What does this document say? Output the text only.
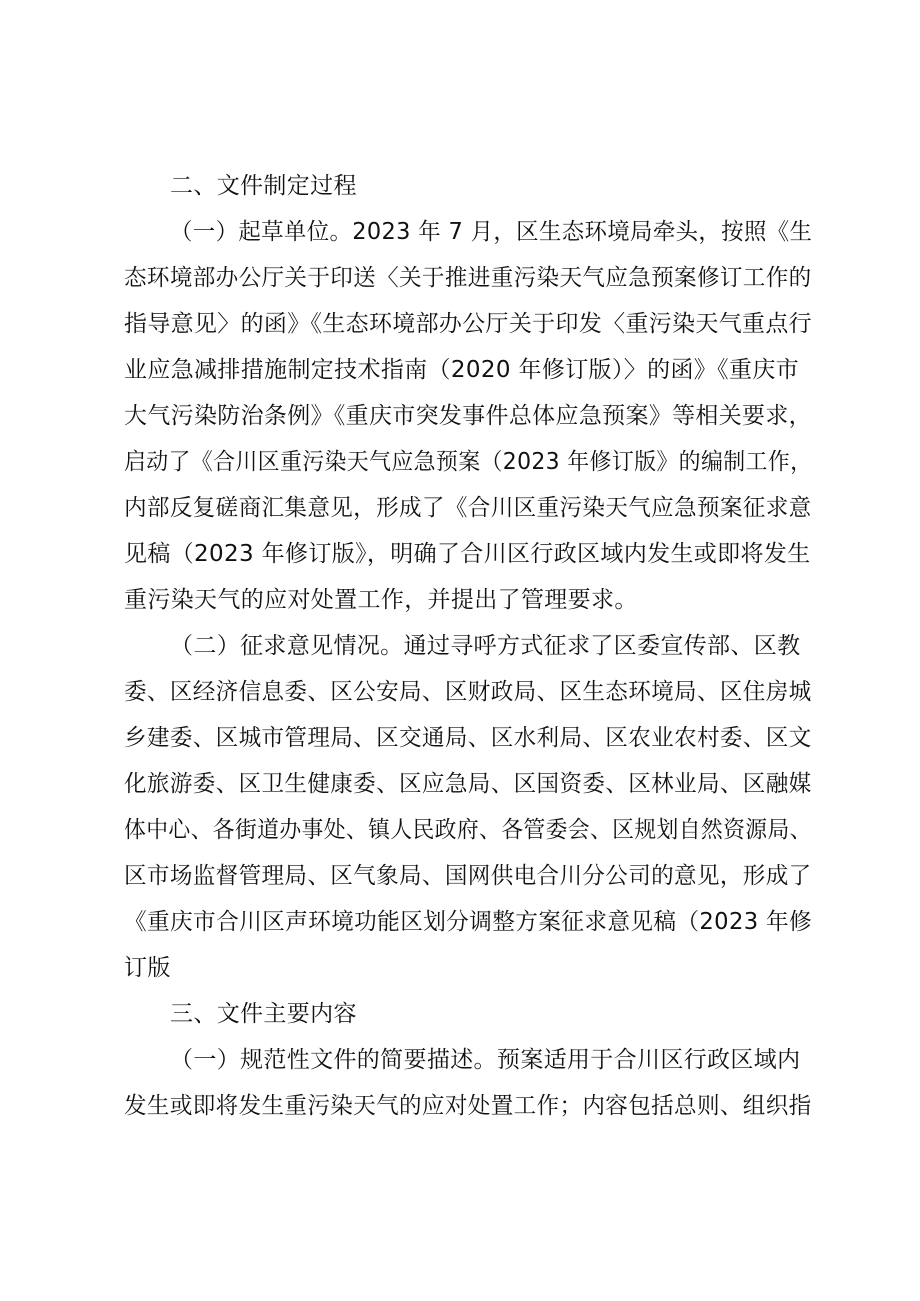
二、文件制定过程
（一）起草单位。2023 年 7 月，区生态环境局牵头，按照《生
态环境部办公厅关于印送〈关于推进重污染天气应急预案修订工作的
指导意见〉的函》《生态环境部办公厅关于印发〈重污染天气重点行
业应急减排措施制定技术指南（2020 年修订版）〉的函》《重庆市
大气污染防治条例》《重庆市突发事件总体应急预案》等相关要求，
启动了《合川区重污染天气应急预案（2023 年修订版》的编制工作，
内部反复磋商汇集意见，形成了《合川区重污染天气应急预案征求意
见稿（2023 年修订版》，明确了合川区行政区域内发生或即将发生
重污染天气的应对处置工作，并提出了管理要求。
（二）征求意见情况。通过寻呼方式征求了区委宣传部、区教
委、区经济信息委、区公安局、区财政局、区生态环境局、区住房城
乡建委、区城市管理局、区交通局、区水利局、区农业农村委、区文
化旅游委、区卫生健康委、区应急局、区国资委、区林业局、区融媒
体中心、各街道办事处、镇人民政府、各管委会、区规划自然资源局、
区市场监督管理局、区气象局、国网供电合川分公司的意见，形成了
《重庆市合川区声环境功能区划分调整方案征求意见稿（2023 年修
订版
三、文件主要内容
（一）规范性文件的简要描述。预案适用于合川区行政区域内
发生或即将发生重污染天气的应对处置工作；内容包括总则、组织指
